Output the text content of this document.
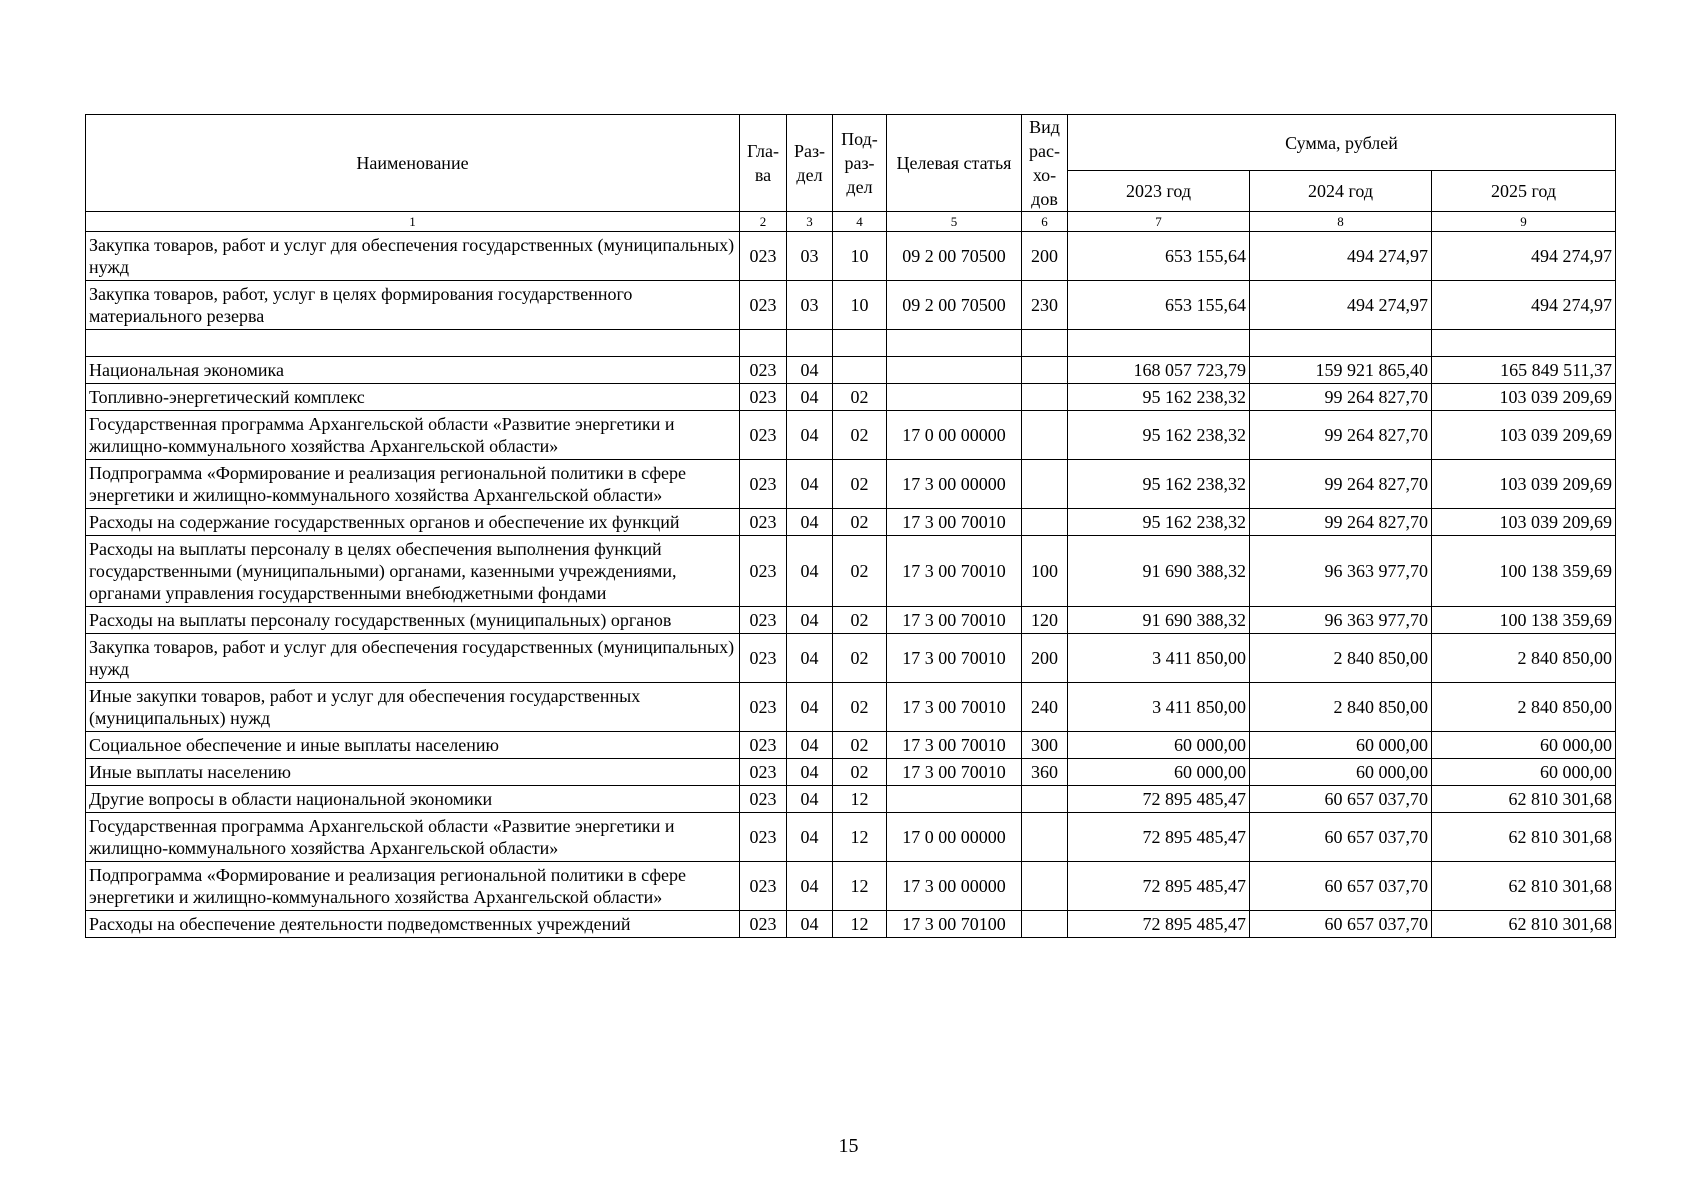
Наименование	Гла-ва	Раз-дел	Под-раз-дел	Целевая статья	Вид рас-хо-дов	Сумма, рублей		
						2023 год	2024 год	2025 год
1	2	3	4	5	6	7	8	9
Закупка товаров, работ и услуг для обеспечения государственных (муниципальных) нужд	023	03	10	09 2 00 70500	200	653 155,64	494 274,97	494 274,97
Закупка товаров, работ, услуг в целях формирования государственного материального резерва	023	03	10	09 2 00 70500	230	653 155,64	494 274,97	494 274,97

Национальная экономика	023	04				168 057 723,79	159 921 865,40	165 849 511,37
Топливно-энергетический комплекс	023	04	02			95 162 238,32	99 264 827,70	103 039 209,69
Государственная программа Архангельской области «Развитие энергетики и жилищно-коммунального хозяйства Архангельской области»	023	04	02	17 0 00 00000		95 162 238,32	99 264 827,70	103 039 209,69
Подпрограмма «Формирование и реализация региональной политики в сфере энергетики и жилищно-коммунального хозяйства Архангельской области»	023	04	02	17 3 00 00000		95 162 238,32	99 264 827,70	103 039 209,69
Расходы на содержание государственных органов и обеспечение их функций	023	04	02	17 3 00 70010		95 162 238,32	99 264 827,70	103 039 209,69
Расходы на выплаты персоналу в целях обеспечения выполнения функций государственными (муниципальными) органами, казенными учреждениями, органами управления государственными внебюджетными фондами	023	04	02	17 3 00 70010	100	91 690 388,32	96 363 977,70	100 138 359,69
Расходы на выплаты персоналу государственных (муниципальных) органов	023	04	02	17 3 00 70010	120	91 690 388,32	96 363 977,70	100 138 359,69
Закупка товаров, работ и услуг для обеспечения государственных (муниципальных) нужд	023	04	02	17 3 00 70010	200	3 411 850,00	2 840 850,00	2 840 850,00
Иные закупки товаров, работ и услуг для обеспечения государственных (муниципальных) нужд	023	04	02	17 3 00 70010	240	3 411 850,00	2 840 850,00	2 840 850,00
Социальное обеспечение и иные выплаты населению	023	04	02	17 3 00 70010	300	60 000,00	60 000,00	60 000,00
Иные выплаты населению	023	04	02	17 3 00 70010	360	60 000,00	60 000,00	60 000,00
Другие вопросы в области национальной экономики	023	04	12			72 895 485,47	60 657 037,70	62 810 301,68
Государственная программа Архангельской области «Развитие энергетики и жилищно-коммунального хозяйства Архангельской области»	023	04	12	17 0 00 00000		72 895 485,47	60 657 037,70	62 810 301,68
Подпрограмма «Формирование и реализация региональной политики в сфере энергетики и жилищно-коммунального хозяйства Архангельской области»	023	04	12	17 3 00 00000		72 895 485,47	60 657 037,70	62 810 301,68
Расходы на обеспечение деятельности подведомственных учреждений	023	04	12	17 3 00 70100		72 895 485,47	60 657 037,70	62 810 301,68
15
